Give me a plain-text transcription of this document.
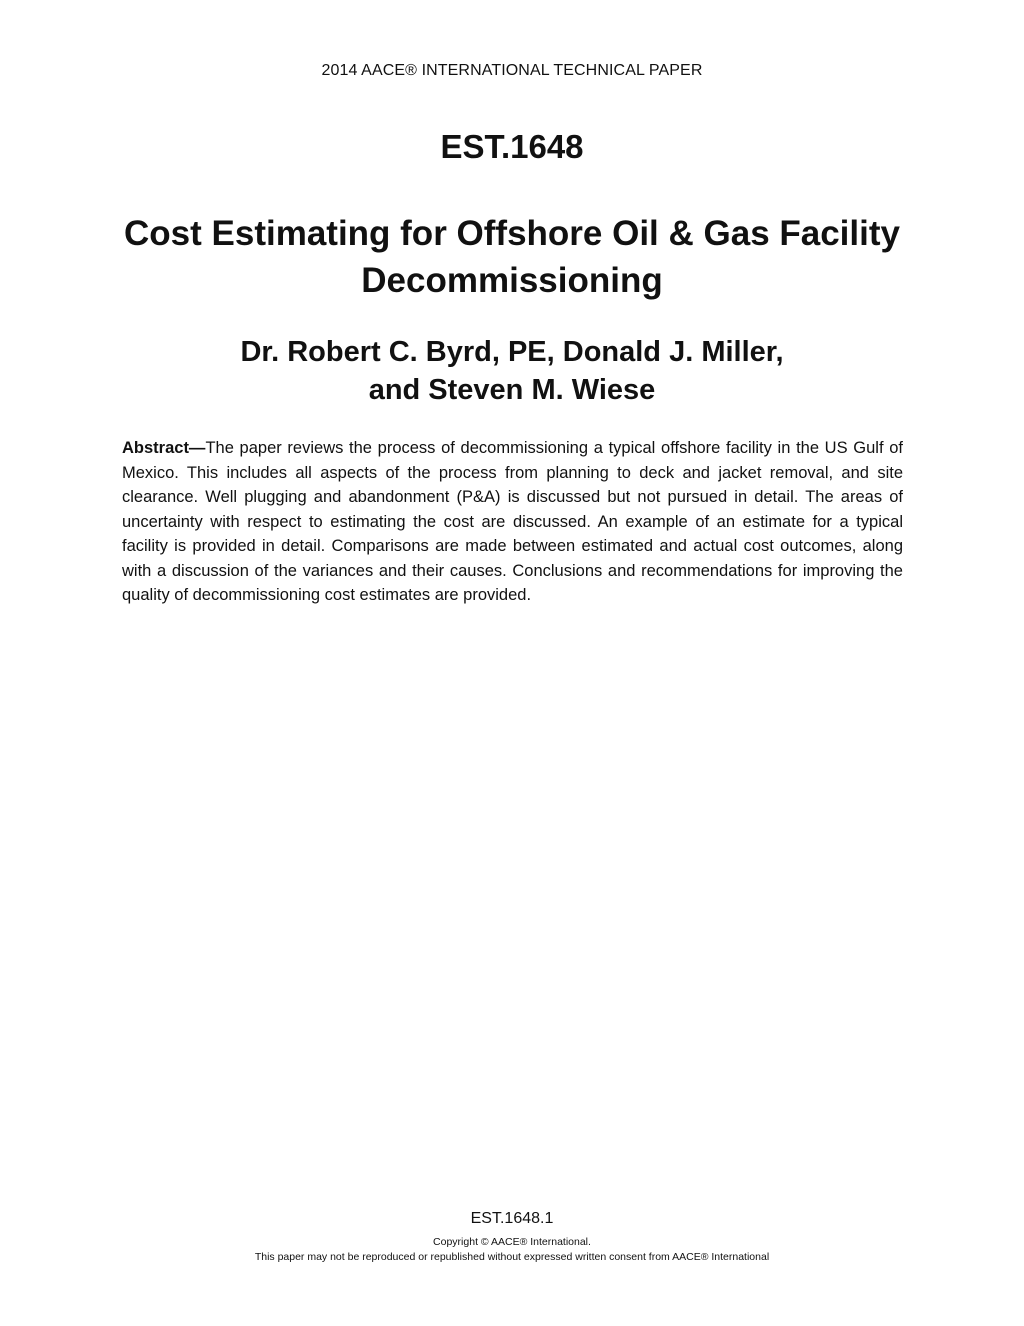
2014 AACE® INTERNATIONAL TECHNICAL PAPER
EST.1648
Cost Estimating for Offshore Oil & Gas Facility
Decommissioning
Dr. Robert C. Byrd, PE, Donald J. Miller,
and Steven M. Wiese
Abstract—The paper reviews the process of decommissioning a typical offshore facility in the US Gulf of Mexico. This includes all aspects of the process from planning to deck and jacket removal, and site clearance. Well plugging and abandonment (P&A) is discussed but not pursued in detail. The areas of uncertainty with respect to estimating the cost are discussed. An example of an estimate for a typical facility is provided in detail. Comparisons are made between estimated and actual cost outcomes, along with a discussion of the variances and their causes. Conclusions and recommendations for improving the quality of decommissioning cost estimates are provided.
EST.1648.1
Copyright © AACE® International.
This paper may not be reproduced or republished without expressed written consent from AACE® International
